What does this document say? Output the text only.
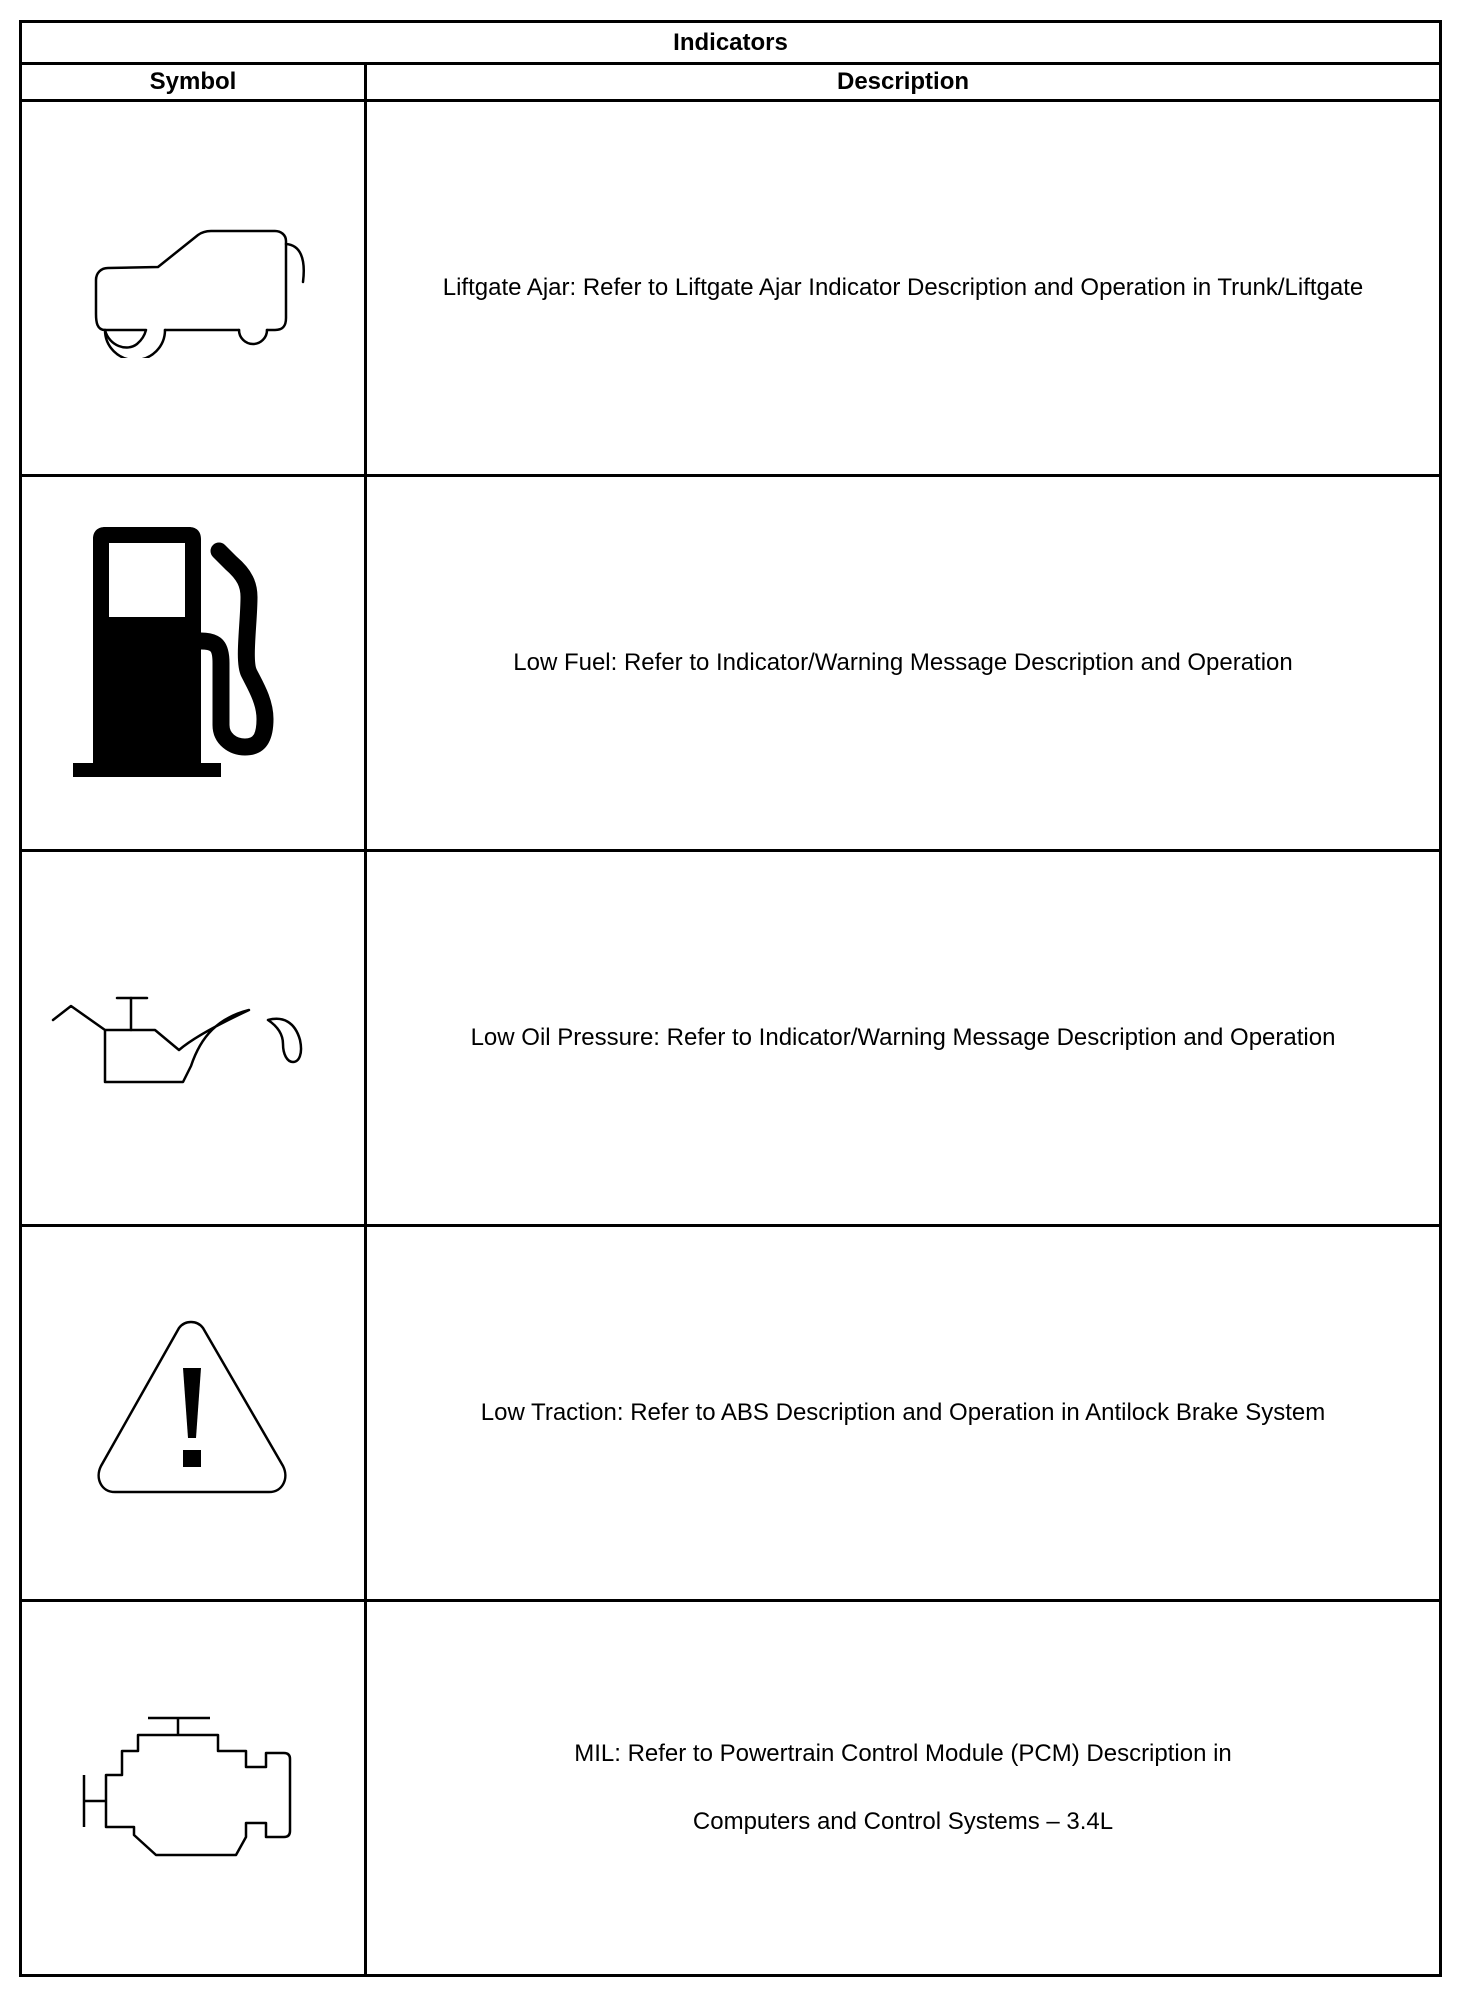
Indicators	
Symbol	Description

	Liftgate Ajar: Refer to Liftgate Ajar Indicator Description and Operation in Trunk/Liftgate

	Low Fuel: Refer to Indicator/Warning Message Description and Operation

	Low Oil Pressure: Refer to Indicator/Warning Message Description and Operation

	Low Traction: Refer to ABS Description and Operation in Antilock Brake System

	MIL: Refer to Powertrain Control Module (PCM) Description in
Computers and Control Systems – 3.4L
